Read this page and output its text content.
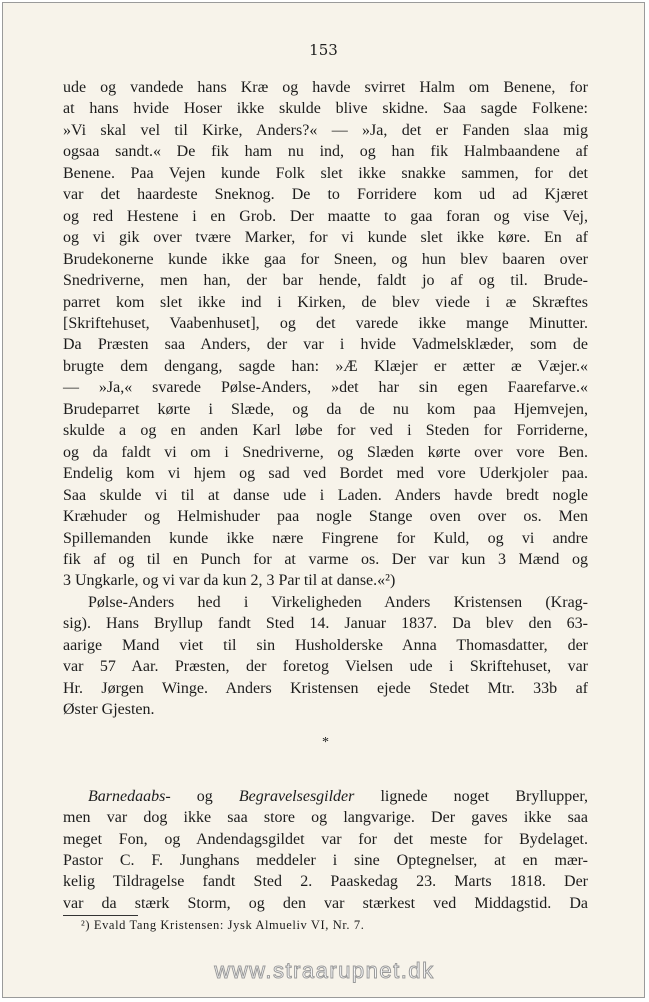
153
ude og vandede hans Kræ og havde svirret Halm om Benene, for
at hans hvide Hoser ikke skulde blive skidne. Saa sagde Folkene:
»Vi skal vel til Kirke, Anders?« — »Ja, det er Fanden slaa mig
ogsaa sandt.« De fik ham nu ind, og han fik Halmbaandene af
Benene. Paa Vejen kunde Folk slet ikke snakke sammen, for det
var det haardeste Sneknog. De to Forridere kom ud ad Kjæret
og red Hestene i en Grob. Der maatte to gaa foran og vise Vej,
og vi gik over tvære Marker, for vi kunde slet ikke køre. En af
Brudekonerne kunde ikke gaa for Sneen, og hun blev baaren over
Snedriverne, men han, der bar hende, faldt jo af og til. Brude-
parret kom slet ikke ind i Kirken, de blev viede i æ Skræftes
[Skriftehuset, Vaabenhuset], og det varede ikke mange Minutter.
Da Præsten saa Anders, der var i hvide Vadmelsklæder, som de
brugte dem dengang, sagde han: »Æ Klæjer er ætter æ Væjer.«
— »Ja,« svarede Pølse-Anders, »det har sin egen Faarefarve.«
Brudeparret kørte i Slæde, og da de nu kom paa Hjemvejen,
skulde a og en anden Karl løbe for ved i Steden for Forriderne,
og da faldt vi om i Snedriverne, og Slæden kørte over vore Ben.
Endelig kom vi hjem og sad ved Bordet med vore Uderkjoler paa.
Saa skulde vi til at danse ude i Laden. Anders havde bredt nogle
Kræhuder og Helmishuder paa nogle Stange oven over os. Men
Spillemanden kunde ikke nære Fingrene for Kuld, og vi andre
fik af og til en Punch for at varme os. Der var kun 3 Mænd og
3 Ungkarle, og vi var da kun 2, 3 Par til at danse.«²)
Pølse-Anders hed i Virkeligheden Anders Kristensen (Krag-
sig). Hans Bryllup fandt Sted 14. Januar 1837. Da blev den 63-
aarige Mand viet til sin Husholderske Anna Thomasdatter, der
var 57 Aar. Præsten, der foretog Vielsen ude i Skriftehuset, var
Hr. Jørgen Winge. Anders Kristensen ejede Stedet Mtr. 33b af
Øster Gjesten.
*
Barnedaabs- og Begravelsesgilder lignede noget Bryllupper,
men var dog ikke saa store og langvarige. Der gaves ikke saa
meget Fon, og Andendagsgildet var for det meste for Bydelaget.
Pastor C. F. Junghans meddeler i sine Optegnelser, at en mær-
kelig Tildragelse fandt Sted 2. Paaskedag 23. Marts 1818. Der
var da stærk Storm, og den var stærkest ved Middagstid. Da
²) Evald Tang Kristensen: Jysk Almueliv VI, Nr. 7.
www.straarupnet.dk
